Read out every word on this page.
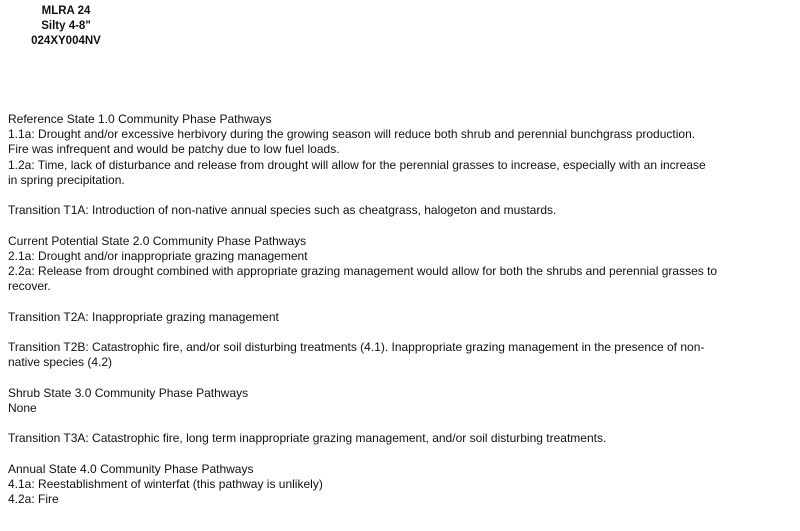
MLRA 24
Silty 4-8"
024XY004NV
Reference State 1.0 Community Phase Pathways
1.1a: Drought and/or excessive herbivory during the growing season will reduce both shrub and perennial bunchgrass production.
Fire was infrequent and would be patchy due to low fuel loads.
1.2a: Time, lack of disturbance and release from drought will allow for the perennial grasses to increase, especially with an increase
in spring precipitation.
Transition T1A: Introduction of non-native annual species such as cheatgrass, halogeton and mustards.
Current Potential State 2.0 Community Phase Pathways
2.1a: Drought and/or inappropriate grazing management
2.2a: Release from drought combined with appropriate grazing management would allow for both the shrubs and perennial grasses to
recover.
Transition T2A: Inappropriate grazing management
Transition T2B: Catastrophic fire, and/or soil disturbing treatments (4.1). Inappropriate grazing management in the presence of non-
native species (4.2)
Shrub State 3.0 Community Phase Pathways
None
Transition T3A: Catastrophic fire, long term inappropriate grazing management, and/or soil disturbing treatments.
Annual State 4.0 Community Phase Pathways
4.1a: Reestablishment of winterfat (this pathway is unlikely)
4.2a: Fire
